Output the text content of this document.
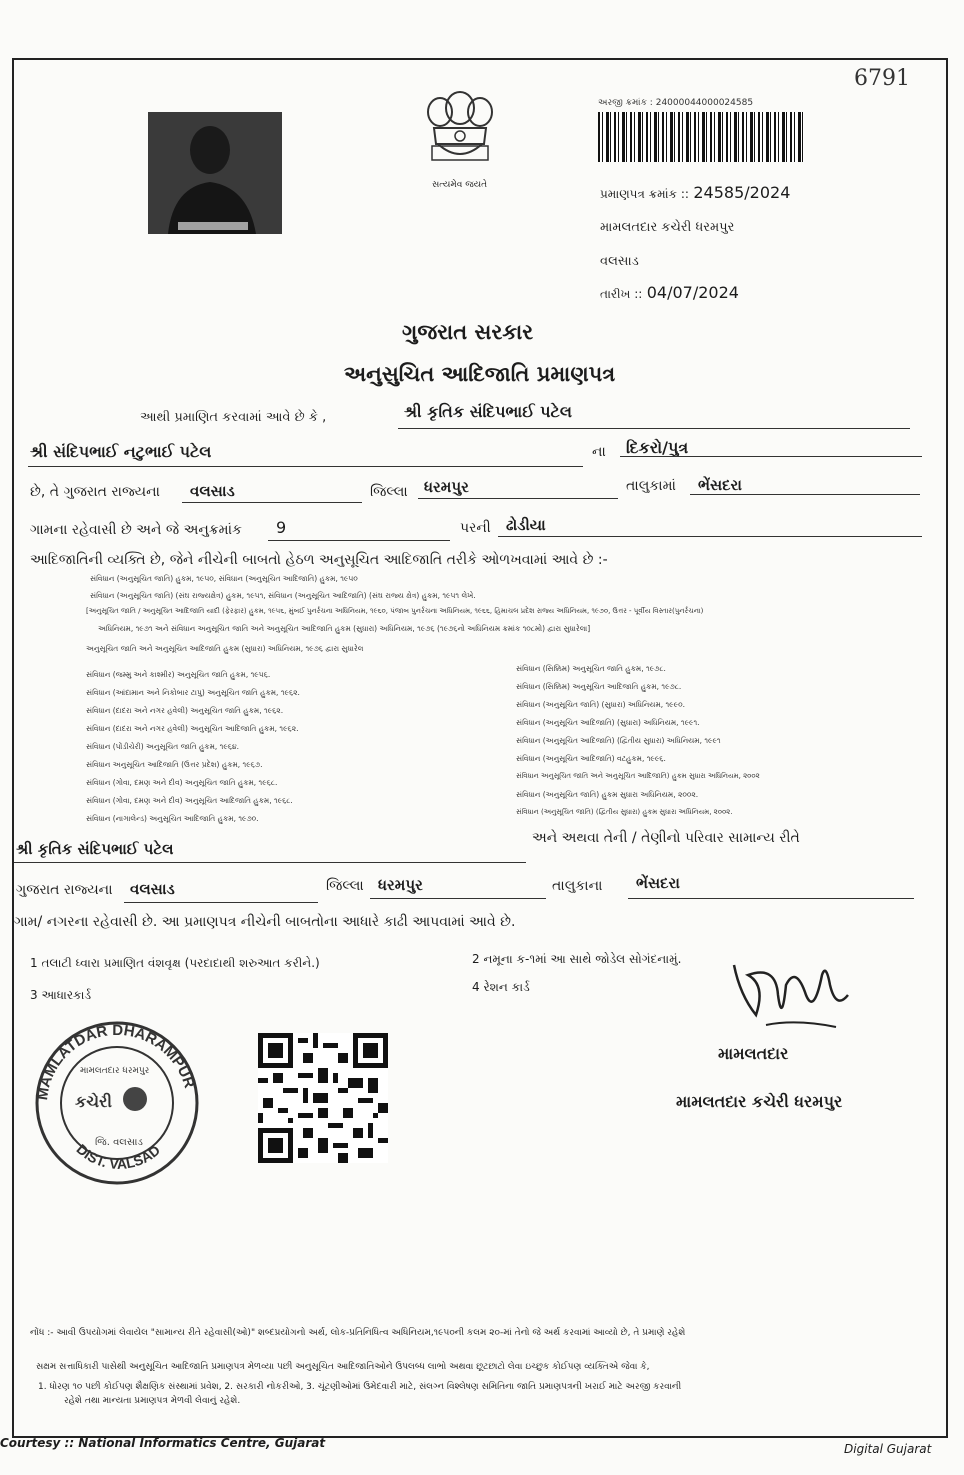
6791
સત્યમેવ જયતે
અરજી ક્રમાંક : 24000044000024585
પ્રમાણપત્ર ક્રમાંક :: 24585/2024
મામલતદાર કચેરી ધરમપુર
વલસાડ
તારીખ :: 04/07/2024
ગુજરાત સરકાર
અનુસુચિત આદિજાતિ પ્રમાણપત્ર
આથી પ્રમાણિત કરવામાં આવે છે કે ,	શ્રી કૃતિક સંદિપભાઈ પટેલ
શ્રી સંદિપભાઈ નટુભાઈ પટેલ	ના દિકરો/પુત્ર
છે, તે ગુજરાત રાજ્યના વલસાડ	જિલ્લા ધરમપુર	તાલુકામાં ભેંસદરા
ગામના રહેવાસી છે અને જે અનુક્રમાંક 9	પરની ઢોડીયા
આદિજાતિની વ્યક્તિ છે, જેને નીચેની બાબતો હેઠળ અનુસૂચિત આદિજાતિ તરીકે ઓળખવામાં આવે છે :-
સંવિધાન (અનુસૂચિત જાતિ) હુકમ, ૧૯૫૦, સંવિધાન (અનુસૂચિત આદિજાતિ) હુકમ, ૧૯૫૦
સંવિધાન (અનુસૂચિત જાતિ) (સંઘ રાજ્યક્ષેત્ર) હુકમ, ૧૯૫૧, સંવિધાન (અનુસૂચિત આદિજાતિ) (સંઘ રાજ્ય ક્ષેત્ર) હુકમ, ૧૯૫૧ લેખે.
[અનુસૂચિત જાતિ / અનુસૂચિત આદિજાતિ યાદી (ફેરફાર) હુકમ, ૧૯૫૬, મુંબઈ પુનર્રચના અધિનિયમ, ૧૯૬૦, પંજાબ પુનર્રચના અધિનિયમ, ૧૯૬૬, હિમાચલ પ્રદેશ રાજ્ય અધિનિયમ, ૧૯૭૦, ઉત્તર - પૂર્વીય વિસ્તાર(પુનર્રચના)
અધિનિયમ, ૧૯૭૧ અને સંવિધાન અનુસૂચિત જાતિ અને અનુસૂચિત આદિજાતિ હુકમ (સુધારા) અધિનિયમ, ૧૯૭૬ (૧૯૭૬નો અધિનિયમ ક્રમાંક ૧૦૮મો) દ્વારા સુધારેલા]
અનુસૂચિત જાતિ અને અનુસૂચિત આદિજાતિ હુકમ (સુધારા) અધિનિયમ, ૧૯૭૬ દ્વારા સુધારેલ
સંવિધાન (જમ્મુ અને કાશ્મીર) અનુસૂચિત જાતિ હુકમ, ૧૯૫૬.
સંવિધાન (આંદામાન અને નિકોબાર ટાપુ) અનુસૂચિત જાતિ હુકમ, ૧૯૬૨.
સંવિધાન (દાદરા અને નગર હવેલી) અનુસૂચિત જાતિ હુકમ, ૧૯૬૨.
સંવિધાન (દાદરા અને નગર હવેલી) અનુસૂચિત આદિજાતિ હુકમ, ૧૯૬૨.
સંવિધાન (પોંડીચેરી) અનુસૂચિત જાતિ હુકમ, ૧૯૬૪.
સંવિધાન અનુસૂચિત આદિજાતિ (ઉત્તર પ્રદેશ) હુકમ, ૧૯૬૭.
સંવિધાન (ગોવા, દમણ અને દીવ) અનુસૂચિત જાતિ હુકમ, ૧૯૬૮.
સંવિધાન (ગોવા, દમણ અને દીવ) અનુસૂચિત આદિજાતિ હુકમ, ૧૯૬૮.
સંવિધાન (નાગાલેન્ડ) અનુસૂચિત આદિજાતિ હુકમ, ૧૯૭૦.
સંવિધાન (સિક્કિમ) અનુસૂચિત જાતિ હુકમ, ૧૯૭૮.
સંવિધાન (સિક્કિમ) અનુસૂચિત આદિજાતિ હુકમ, ૧૯૭૮.
સંવિધાન (અનુસૂચિત જાતિ) (સુધારા) અધિનિયમ, ૧૯૯૦.
સંવિધાન (અનુસૂચિત આદિજાતિ) (સુધારા) અધિનિયમ, ૧૯૯૧.
સંવિધાન (અનુસૂચિત આદિજાતિ) (દ્વિતીય સુધારા) અધિનિયમ, ૧૯૯૧
સંવિધાન (અનુસૂચિત આદિજાતિ) વટહુકમ, ૧૯૯૬.
સંવિધાન અનુસૂચિત જાતિ અને અનુસૂચિત આદિજાતિ) હુકમ સુધારા અધિનિયમ, ૨૦૦૨
સંવિધાન (અનુસૂચિત જાતિ) હુકમ સુધારા અધિનિયમ, ૨૦૦૨.
સંવિધાન (અનુસૂચિત જાતિ) (દ્વિતીય સુધારા) હુકમ સુધારા અધિનિયમ, ૨૦૦૨.
શ્રી કૃતિક સંદિપભાઈ પટેલ
અને અથવા તેની / તેણીનો પરિવાર સામાન્ય રીતે
ગુજરાત રાજ્યના વલસાડ	જિલ્લા ધરમપુર	તાલુકાના ભેંસદરા
ગામ/ નગરના રહેવાસી છે. આ પ્રમાણપત્ર નીચેની બાબતોના આધારે કાઢી આપવામાં આવે છે.
1 તલાટી ધ્વારા પ્રમાણિત વંશવૃક્ષ (પરદાદાથી શરુઆત કરીને.)	2 નમૂના ક-૧માં આ સાથે જોડેલ સોગંદનામું.
3 આધારકાર્ડ
4 રેશન કાર્ડ
MAMLATDAR DHARAMPUR
DIST. VALSAD
મામલતદાર ધરમપુર
કચેરી
જિ. વલસાડ
મામલતદાર
મામલતદાર કચેરી ધરમપુર
નોંધ :- આવી ઉપયોગમાં લેવાયેલ "સામાન્ય રીતે રહેવાસી(ઓ)" શબ્દપ્રયોગનો અર્થ, લોક-પ્રતિનિધિત્વ અધિનિયમ,૧૯૫૦ની કલમ ૨૦-માં તેનો જે અર્થ કરવામાં આવ્યો છે, તે પ્રમાણે રહેશે
સક્ષમ સત્તાધિકારી પાસેથી અનુસૂચિત આદિજાતિ પ્રમાણપત્ર મેળવ્યા પછી અનુસૂચિત આદિજાતિઓને ઉપલબ્ધ લાભો અથવા છૂટછાટો લેવા ઇચ્છુક કોઈપણ વ્યક્તિએ જેવા કે,
1. ધોરણ ૧૦ પછી કોઈપણ શૈક્ષણિક સંસ્થામાં પ્રવેશ, 2. સરકારી નોકરીઓ, 3. ચૂંટણીઓમાં ઉમેદવારી માટે, સંલગ્ન વિશ્લેષણ સમિતિના જાતિ પ્રમાણપત્રની ખરાઈ માટે અરજી કરવાની
રહેશે તથા માન્યતા પ્રમાણપત્ર મેળવી લેવાનું રહેશે.
Courtesy :: National Informatics Centre, Gujarat	Digital Gujarat
